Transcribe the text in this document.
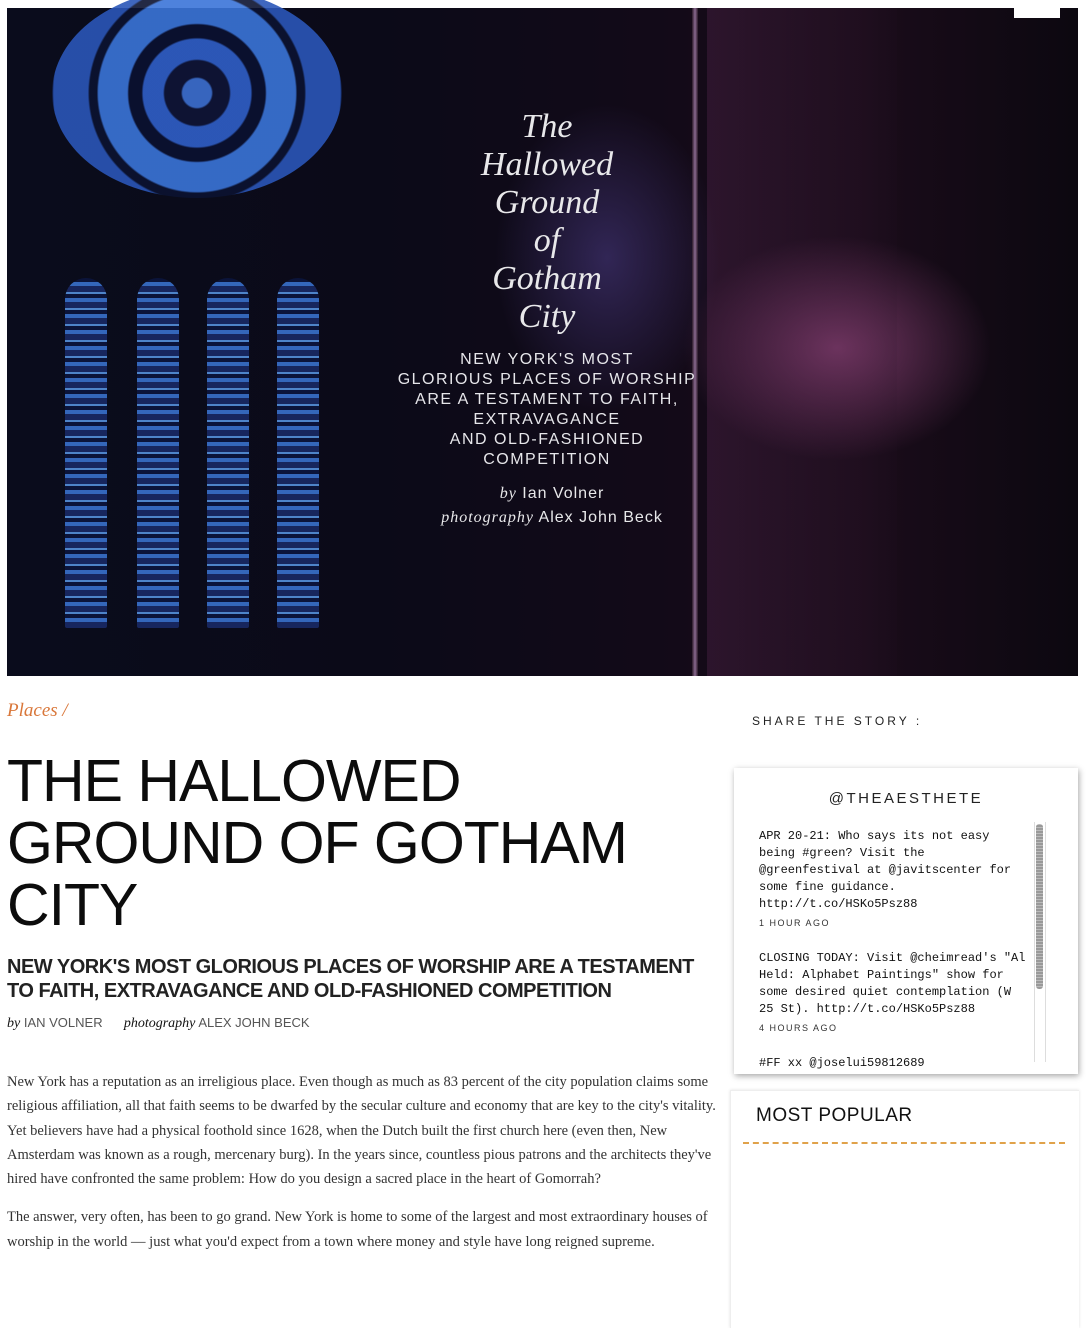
The
Hallowed
Ground
of
Gotham
City
NEW YORK'S MOST
GLORIOUS PLACES OF WORSHIP
ARE A TESTAMENT TO FAITH,
EXTRAVAGANCE
AND OLD-FASHIONED
COMPETITION
by Ian Volner
photography Alex John Beck
Places /
THE HALLOWED GROUND OF GOTHAM CITY
NEW YORK'S MOST GLORIOUS PLACES OF WORSHIP ARE A TESTAMENT TO FAITH, EXTRAVAGANCE AND OLD-FASHIONED COMPETITION
by IAN VOLNER photography ALEX JOHN BECK

New York has a reputation as an irreligious place. Even though as much as 83 percent of the city population claims some religious affiliation, all that faith seems to be dwarfed by the secular culture and economy that are key to the city's vitality. Yet believers have had a physical foothold since 1628, when the Dutch built the first church here (even then, New Amsterdam was known as a rough, mercenary burg). In the years since, countless pious patrons and the architects they've hired have confronted the same problem: How do you design a sacred place in the heart of Gomorrah?

The answer, very often, has been to go grand. New York is home to some of the largest and most extraordinary houses of worship in the world — just what you'd expect from a town where money and style have long reigned supreme.

SHARE THE STORY :
@THEAESTHETE
APR 20-21: Who says its not easy being #green? Visit the @greenfestival at @javitscenter for some fine guidance. http://t.co/HSKo5Psz88
1 HOUR AGO
CLOSING TODAY: Visit @cheimread's "Al Held: Alphabet Paintings" show for some desired quiet contemplation (W 25 St). http://t.co/HSKo5Psz88
4 HOURS AGO
#FF xx @joselui59812689
MOST POPULAR
